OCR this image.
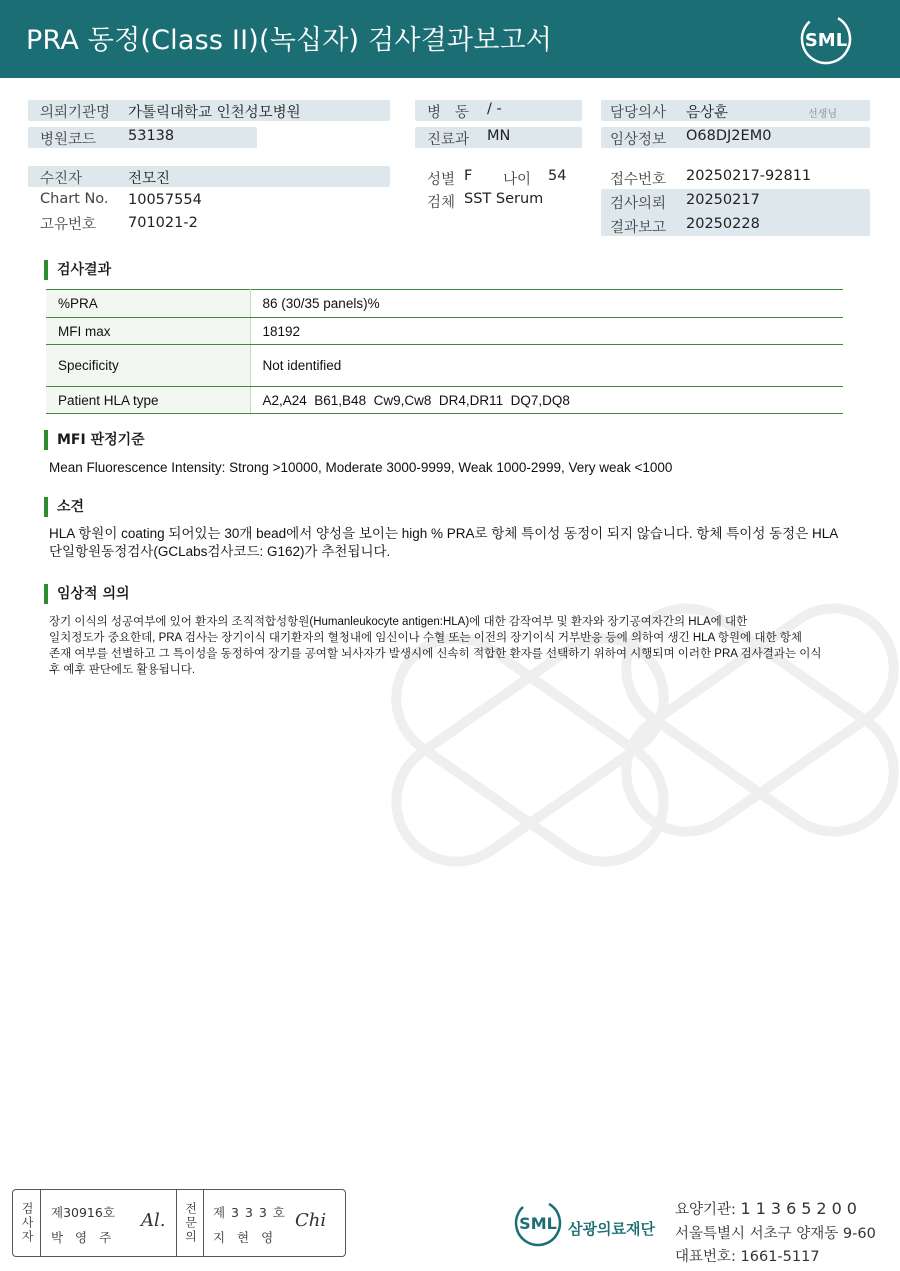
PRA 동정(Class II)(녹십자) 검사결과보고서	SML
의뢰기관명 가톨릭대학교 인천성모병원
병원코드 53138
수진자	전모진
Chart No. 10057554
고유번호 701021-2
병   동 / -
진료과 MN
성별 F 나이 54
검체 SST Serum
담당의사 음상훈	선생님
임상정보 O68DJ2EM0
접수번호 20250217-92811
검사의뢰 20250217
결과보고 20250228
검사결과
%PRA	86 (30/35 panels)%
MFI max	18192
Specificity	Not identified
Patient HLA type	A2,A24  B61,B48  Cw9,Cw8  DR4,DR11  DQ7,DQ8
MFI 판정기준
Mean Fluorescence Intensity: Strong >10000, Moderate 3000-9999, Weak 1000-2999, Very weak <1000
소견
HLA 항원이 coating 되어있는 30개 bead에서 양성을 보이는 high % PRA로 항체 특이성 동정이 되지 않습니다. 항체 특이성 동정은 HLA
단일항원동정검사(GCLabs검사코드: G162)가 추천됩니다.
임상적 의의
장기 이식의 성공여부에 있어 환자의 조직적합성항원(Humanleukocyte antigen:HLA)에 대한 감작여부 및 환자와 장기공여자간의 HLA에 대한
일치정도가 중요한데, PRA 검사는 장기이식 대기환자의 혈청내에 임신이나 수혈 또는 이전의 장기이식 거부반응 등에 의하여 생긴 HLA 항원에 대한 항체
존재 여부를 선별하고 그 특이성을 동정하여 장기를 공여할 뇌사자가 발생시에 신속히 적합한 환자를 선택하기 위하여 시행되며 이러한 PRA 검사결과는 이식
후 예후 판단에도 활용됩니다.
검사자 제30916호
박 영 주
Al. 전문의 제 3 3 3 호
지 현 영
Chi	SML 삼광의료재단
요양기관: 11365200
서울특별시 서초구 양재동 9-60
대표번호: 1661-5117
